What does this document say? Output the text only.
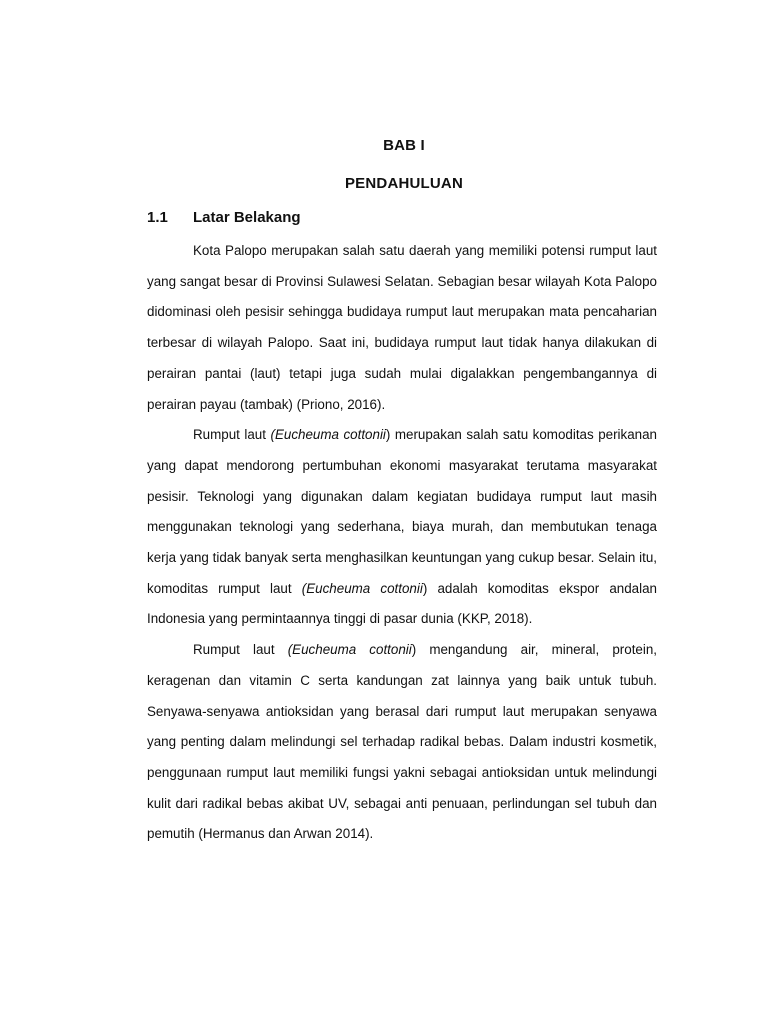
BAB I
PENDAHULUAN
1.1 Latar Belakang

Kota Palopo merupakan salah satu daerah yang memiliki potensi rumput laut yang sangat besar di Provinsi Sulawesi Selatan. Sebagian besar wilayah Kota Palopo didominasi oleh pesisir sehingga budidaya rumput laut merupakan mata pencaharian terbesar di wilayah Palopo. Saat ini, budidaya rumput laut tidak hanya dilakukan di perairan pantai (laut) tetapi juga sudah mulai digalakkan pengembangannya di perairan payau (tambak) (Priono, 2016).

Rumput laut (Eucheuma cottonii) merupakan salah satu komoditas perikanan yang dapat mendorong pertumbuhan ekonomi masyarakat terutama masyarakat pesisir. Teknologi yang digunakan dalam kegiatan budidaya rumput laut masih menggunakan teknologi yang sederhana, biaya murah, dan membutukan tenaga kerja yang tidak banyak serta menghasilkan keuntungan yang cukup besar. Selain itu, komoditas rumput laut (Eucheuma cottonii) adalah komoditas ekspor andalan Indonesia yang permintaannya tinggi di pasar dunia (KKP, 2018).

Rumput laut (Eucheuma cottonii) mengandung air, mineral, protein, keragenan dan vitamin C serta kandungan zat lainnya yang baik untuk tubuh. Senyawa-senyawa antioksidan yang berasal dari rumput laut merupakan senyawa yang penting dalam melindungi sel terhadap radikal bebas. Dalam industri kosmetik, penggunaan rumput laut memiliki fungsi yakni sebagai antioksidan untuk melindungi kulit dari radikal bebas akibat UV, sebagai anti penuaan, perlindungan sel tubuh dan pemutih (Hermanus dan Arwan 2014).
